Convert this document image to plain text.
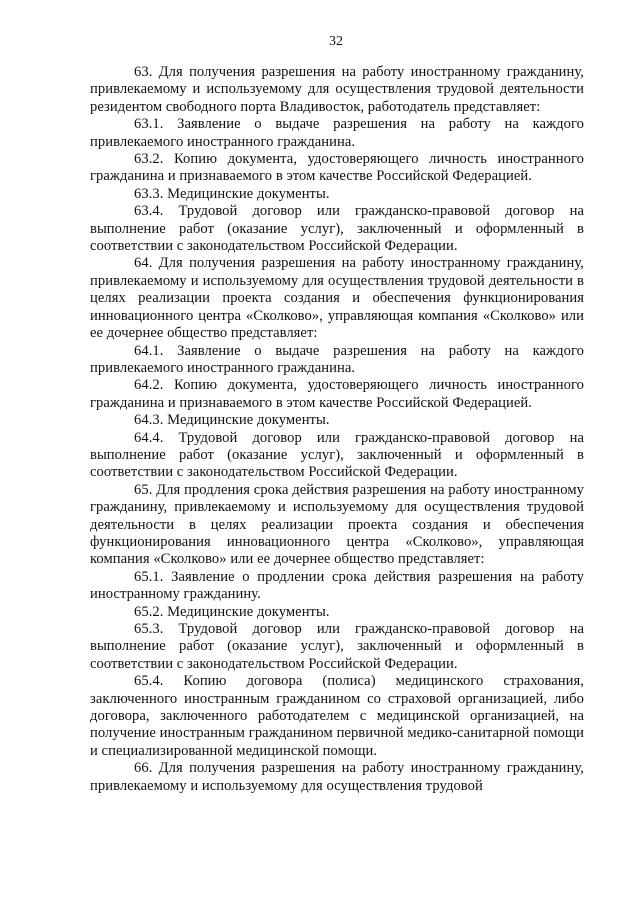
32

63. Для получения разрешения на работу иностранному гражданину, привлекаемому и используемому для осуществления трудовой деятельности резидентом свободного порта Владивосток, работодатель представляет:

63.1. Заявление о выдаче разрешения на работу на каждого привлекаемого иностранного гражданина.

63.2. Копию документа, удостоверяющего личность иностранного гражданина и признаваемого в этом качестве Российской Федерацией.

63.3. Медицинские документы.

63.4. Трудовой договор или гражданско-правовой договор на выполнение работ (оказание услуг), заключенный и оформленный в соответствии с законодательством Российской Федерации.

64. Для получения разрешения на работу иностранному гражданину, привлекаемому и используемому для осуществления трудовой деятельности в целях реализации проекта создания и обеспечения функционирования инновационного центра «Сколково», управляющая компания «Сколково» или ее дочернее общество представляет:

64.1. Заявление о выдаче разрешения на работу на каждого привлекаемого иностранного гражданина.

64.2. Копию документа, удостоверяющего личность иностранного гражданина и признаваемого в этом качестве Российской Федерацией.

64.3. Медицинские документы.

64.4. Трудовой договор или гражданско-правовой договор на выполнение работ (оказание услуг), заключенный и оформленный в соответствии с законодательством Российской Федерации.

65. Для продления срока действия разрешения на работу иностранному гражданину, привлекаемому и используемому для осуществления трудовой деятельности в целях реализации проекта создания и обеспечения функционирования инновационного центра «Сколково», управляющая компания «Сколково» или ее дочернее общество представляет:

65.1. Заявление о продлении срока действия разрешения на работу иностранному гражданину.

65.2. Медицинские документы.

65.3. Трудовой договор или гражданско-правовой договор на выполнение работ (оказание услуг), заключенный и оформленный в соответствии с законодательством Российской Федерации.

65.4. Копию договора (полиса) медицинского страхования, заключенного иностранным гражданином со страховой организацией, либо договора, заключенного работодателем с медицинской организацией, на получение иностранным гражданином первичной медико-санитарной помощи и специализированной медицинской помощи.

66. Для получения разрешения на работу иностранному гражданину, привлекаемому и используемому для осуществления трудовой
